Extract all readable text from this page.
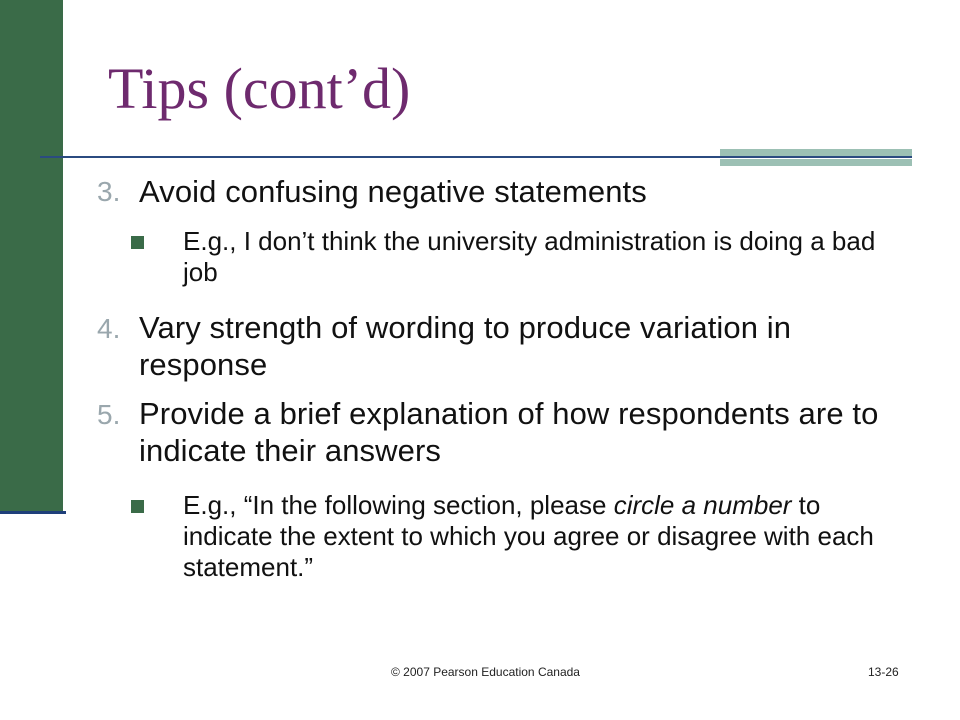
Tips (cont’d)
3. Avoid confusing negative statements
E.g., I don’t think the university administration is doing a bad job
4. Vary strength of wording to produce variation in response
5. Provide a brief explanation of how respondents are to indicate their answers
E.g., “In the following section, please circle a number to indicate the extent to which you agree or disagree with each statement.”
© 2007 Pearson Education Canada	13-26
